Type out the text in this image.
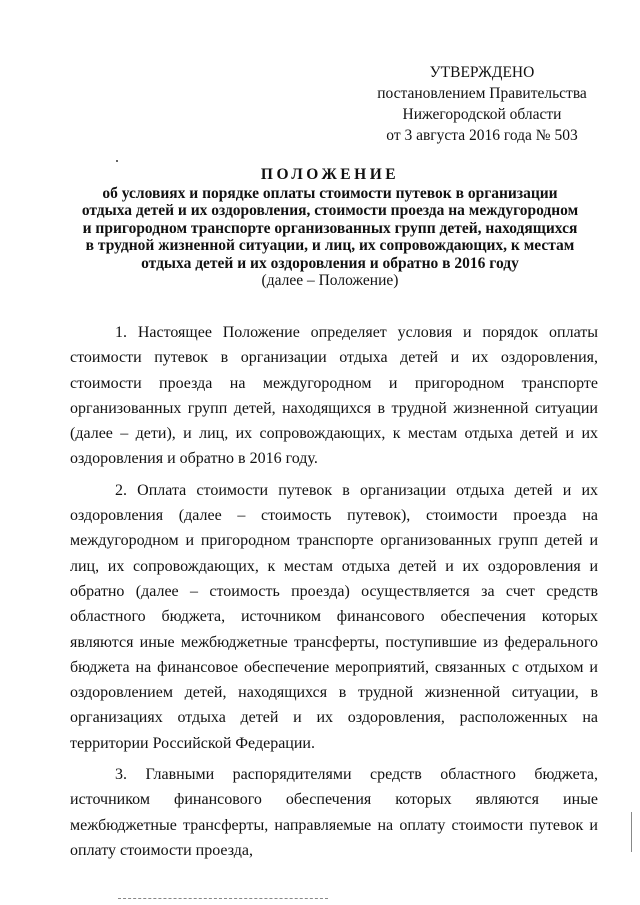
УТВЕРЖДЕНО
постановлением Правительства
Нижегородской области
от 3 августа 2016 года № 503
ПОЛОЖЕНИЕ
об условиях и порядке оплаты стоимости путевок в организации
отдыха детей и их оздоровления, стоимости проезда на междугородном
и пригородном транспорте организованных групп детей, находящихся
в трудной жизненной ситуации, и лиц, их сопровождающих, к местам
отдыха детей и их оздоровления и обратно в 2016 году
(далее – Положение)

1. Настоящее Положение определяет условия и порядок оплаты стоимости путевок в организации отдыха детей и их оздоровления, стоимости проезда на междугородном и пригородном транспорте организованных групп детей, находящихся в трудной жизненной ситуации (далее – дети), и лиц, их сопровождающих, к местам отдыха детей и их оздоровления и обратно в 2016 году.

2. Оплата стоимости путевок в организации отдыха детей и их оздоровления (далее – стоимость путевок), стоимости проезда на междугородном и пригородном транспорте организованных групп детей и лиц, их сопровождающих, к местам отдыха детей и их оздоровления и обратно (далее – стоимость проезда) осуществляется за счет средств областного бюджета, источником финансового обеспечения которых являются иные межбюджетные трансферты, поступившие из федерального бюджета на финансовое обеспечение мероприятий, связанных с отдыхом и оздоровлением детей, находящихся в трудной жизненной ситуации, в организациях отдыха детей и их оздоровления, расположенных на территории Российской Федерации.

3. Главными распорядителями средств областного бюджета, источником финансового обеспечения которых являются иные межбюджетные трансферты, направляемые на оплату стоимости путевок и оплату стоимости проезда,
